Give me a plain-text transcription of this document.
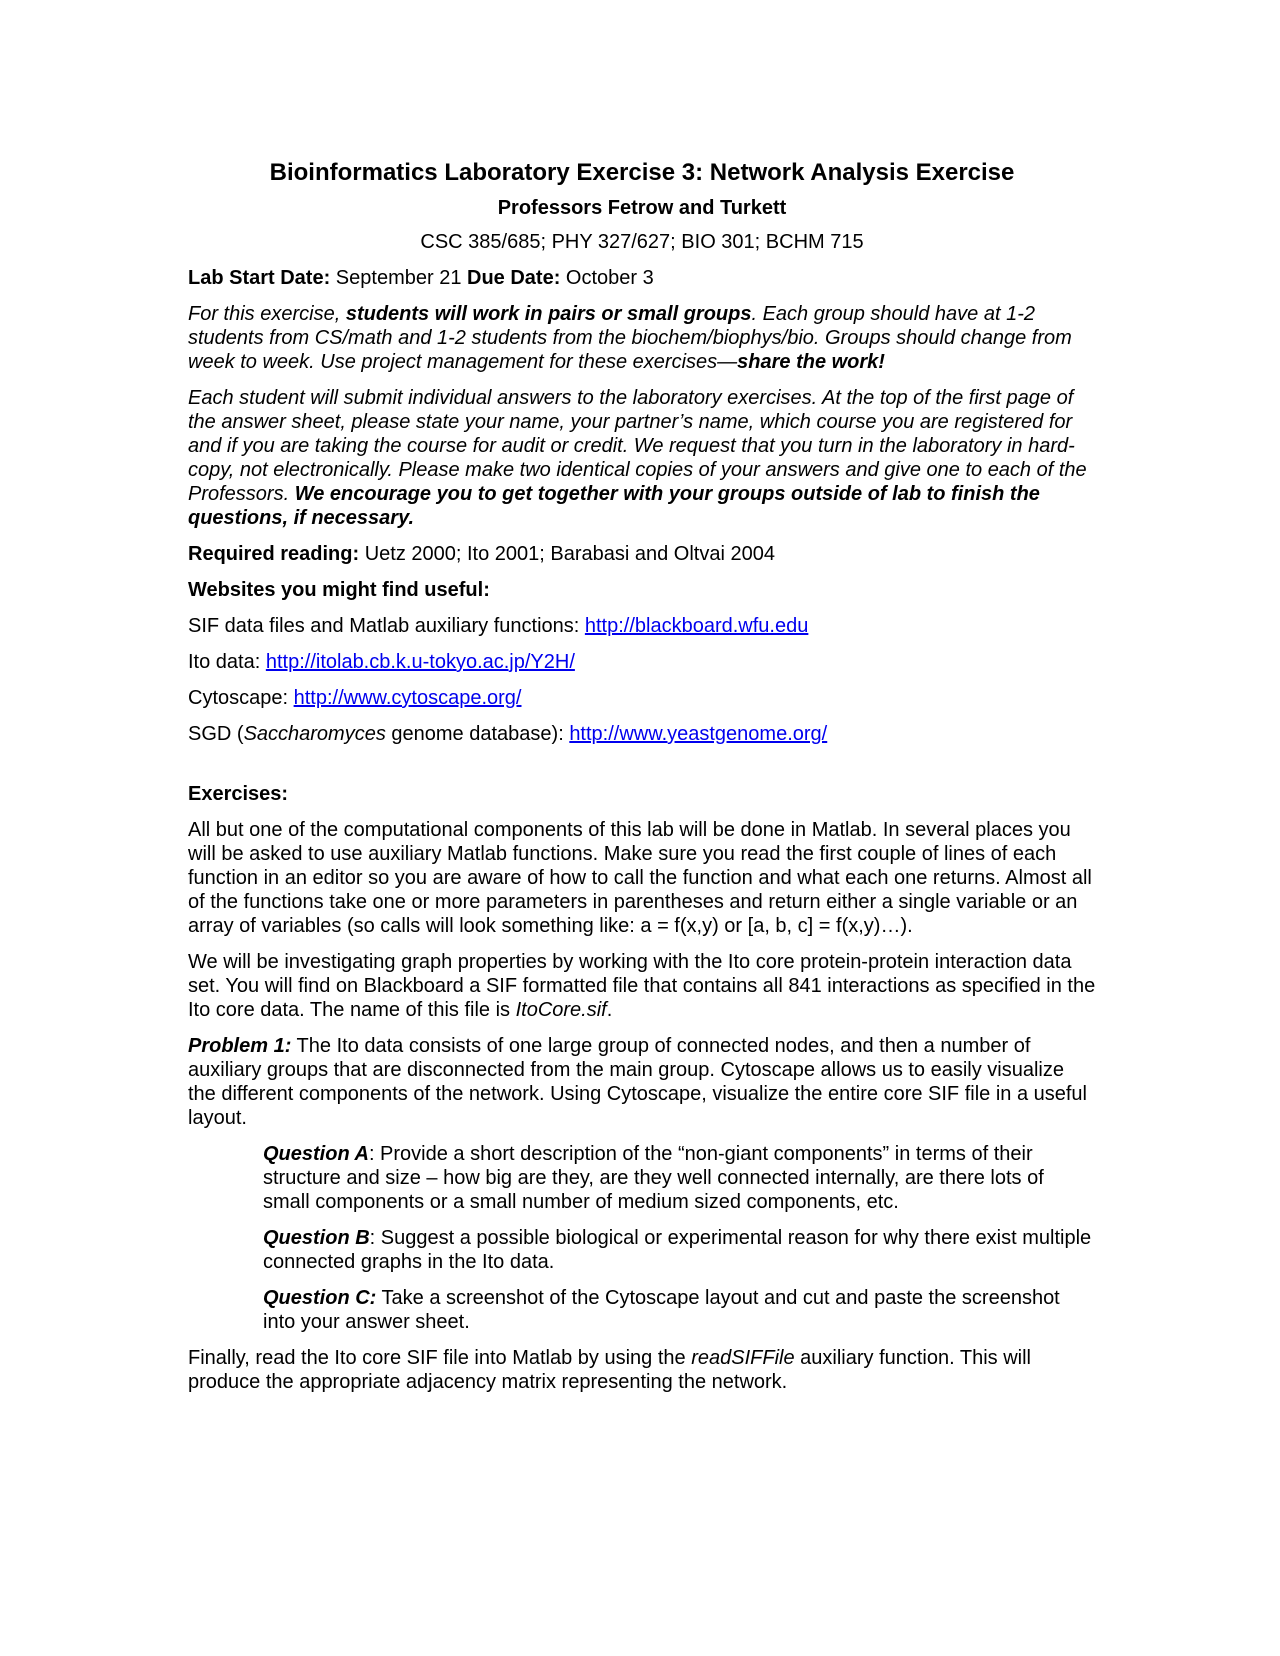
Bioinformatics Laboratory Exercise 3: Network Analysis Exercise
Professors Fetrow and Turkett
CSC 385/685; PHY 327/627; BIO 301; BCHM 715

Lab Start Date: September 21 Due Date: October 3

For this exercise, students will work in pairs or small groups. Each group should have at 1-2 students from CS/math and 1-2 students from the biochem/biophys/bio. Groups should change from week to week. Use project management for these exercises—share the work!

Each student will submit individual answers to the laboratory exercises. At the top of the first page of the answer sheet, please state your name, your partner’s name, which course you are registered for and if you are taking the course for audit or credit. We request that you turn in the laboratory in hard-copy, not electronically. Please make two identical copies of your answers and give one to each of the Professors. We encourage you to get together with your groups outside of lab to finish the questions, if necessary.

Required reading: Uetz 2000; Ito 2001; Barabasi and Oltvai 2004

Websites you might find useful:

SIF data files and Matlab auxiliary functions: http://blackboard.wfu.edu

Ito data: http://itolab.cb.k.u-tokyo.ac.jp/Y2H/

Cytoscape: http://www.cytoscape.org/

SGD (Saccharomyces genome database): http://www.yeastgenome.org/

Exercises:

All but one of the computational components of this lab will be done in Matlab. In several places you will be asked to use auxiliary Matlab functions. Make sure you read the first couple of lines of each function in an editor so you are aware of how to call the function and what each one returns. Almost all of the functions take one or more parameters in parentheses and return either a single variable or an array of variables (so calls will look something like: a = f(x,y) or [a, b, c] = f(x,y)…).

We will be investigating graph properties by working with the Ito core protein-protein interaction data set. You will find on Blackboard a SIF formatted file that contains all 841 interactions as specified in the Ito core data. The name of this file is ItoCore.sif.

Problem 1: The Ito data consists of one large group of connected nodes, and then a number of auxiliary groups that are disconnected from the main group. Cytoscape allows us to easily visualize the different components of the network. Using Cytoscape, visualize the entire core SIF file in a useful layout.

Question A: Provide a short description of the “non-giant components” in terms of their structure and size – how big are they, are they well connected internally, are there lots of small components or a small number of medium sized components, etc.

Question B: Suggest a possible biological or experimental reason for why there exist multiple connected graphs in the Ito data.

Question C: Take a screenshot of the Cytoscape layout and cut and paste the screenshot into your answer sheet.

Finally, read the Ito core SIF file into Matlab by using the readSIFFile auxiliary function. This will produce the appropriate adjacency matrix representing the network.
